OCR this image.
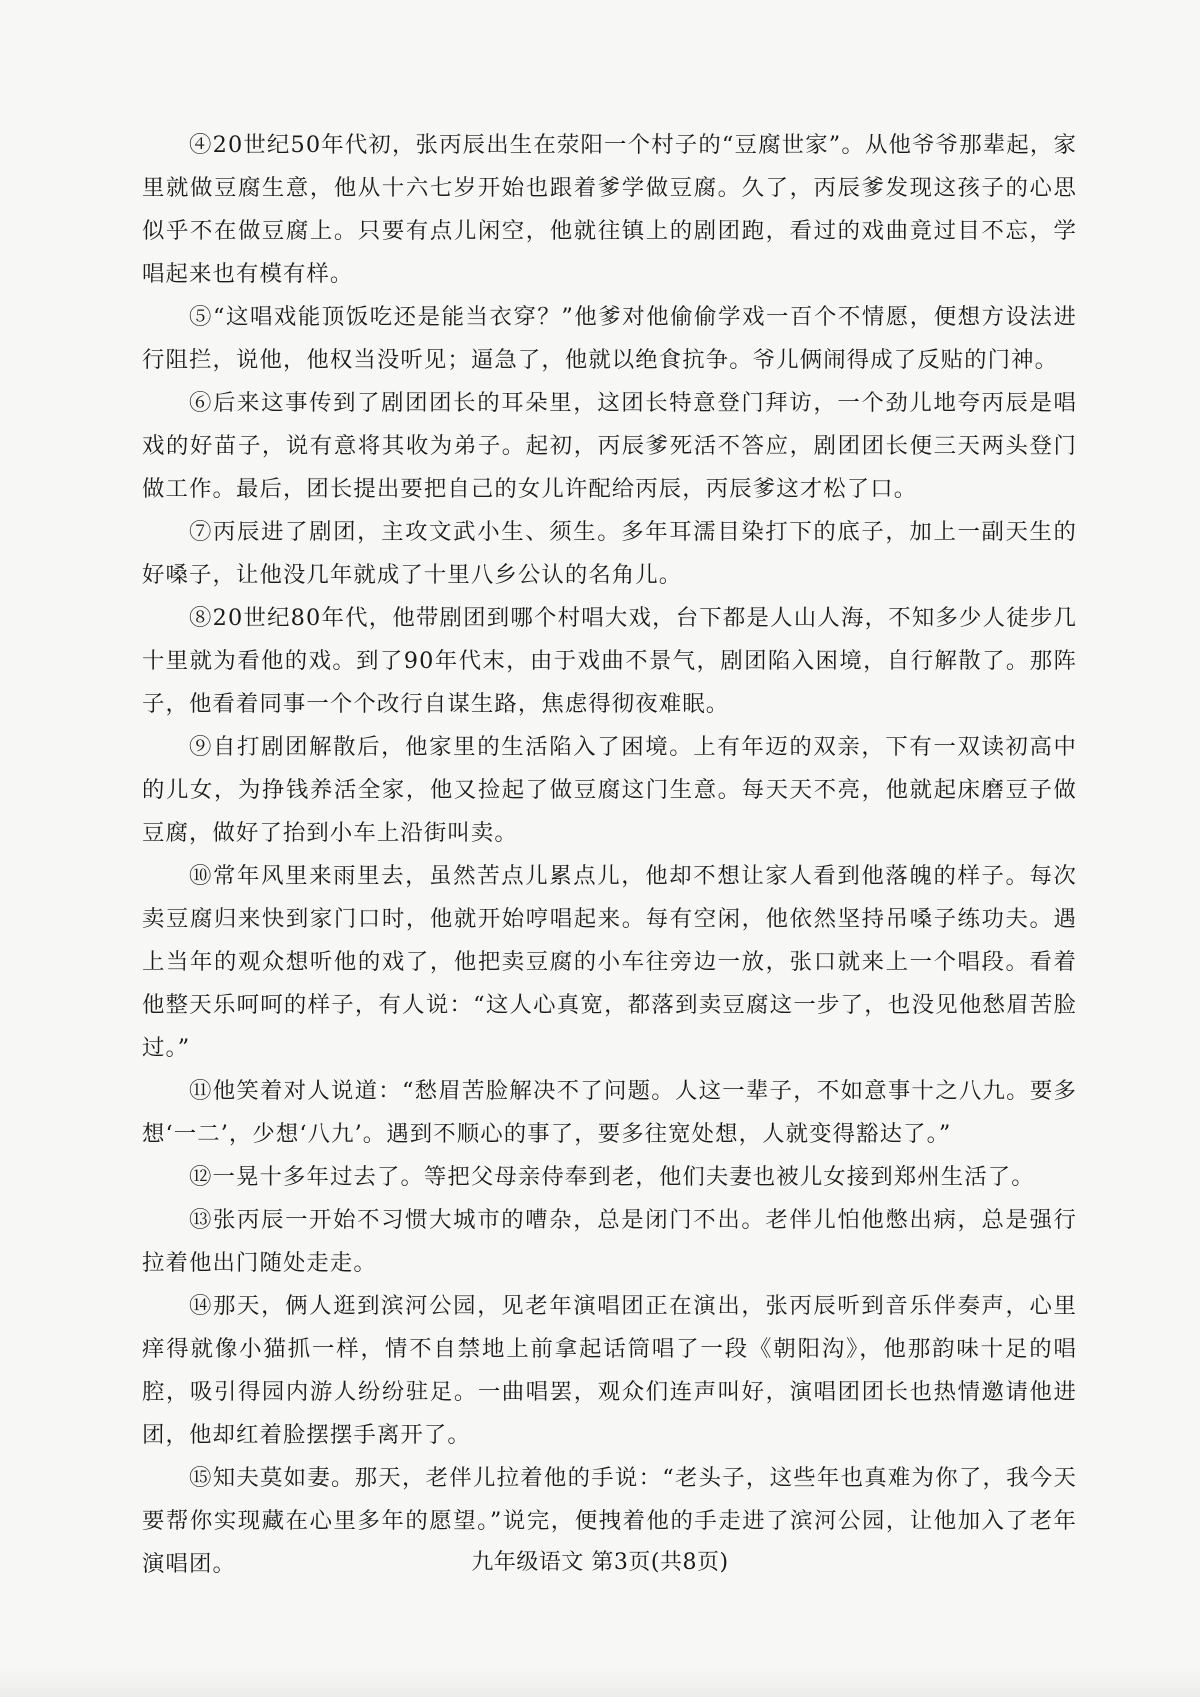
④20世纪50年代初，张丙辰出生在荥阳一个村子的“豆腐世家”。从他爷爷那辈起，家里就做豆腐生意，他从十六七岁开始也跟着爹学做豆腐。久了，丙辰爹发现这孩子的心思似乎不在做豆腐上。只要有点儿闲空，他就往镇上的剧团跑，看过的戏曲竟过目不忘，学唱起来也有模有样。

⑤“这唱戏能顶饭吃还是能当衣穿？”他爹对他偷偷学戏一百个不情愿，便想方设法进行阻拦，说他，他权当没听见；逼急了，他就以绝食抗争。爷儿俩闹得成了反贴的门神。

⑥后来这事传到了剧团团长的耳朵里，这团长特意登门拜访，一个劲儿地夸丙辰是唱戏的好苗子，说有意将其收为弟子。起初，丙辰爹死活不答应，剧团团长便三天两头登门做工作。最后，团长提出要把自己的女儿许配给丙辰，丙辰爹这才松了口。

⑦丙辰进了剧团，主攻文武小生、须生。多年耳濡目染打下的底子，加上一副天生的好嗓子，让他没几年就成了十里八乡公认的名角儿。

⑧20世纪80年代，他带剧团到哪个村唱大戏，台下都是人山人海，不知多少人徒步几十里就为看他的戏。到了90年代末，由于戏曲不景气，剧团陷入困境，自行解散了。那阵子，他看着同事一个个改行自谋生路，焦虑得彻夜难眠。

⑨自打剧团解散后，他家里的生活陷入了困境。上有年迈的双亲，下有一双读初高中的儿女，为挣钱养活全家，他又捡起了做豆腐这门生意。每天天不亮，他就起床磨豆子做豆腐，做好了抬到小车上沿街叫卖。

⑩常年风里来雨里去，虽然苦点儿累点儿，他却不想让家人看到他落魄的样子。每次卖豆腐归来快到家门口时，他就开始哼唱起来。每有空闲，他依然坚持吊嗓子练功夫。遇上当年的观众想听他的戏了，他把卖豆腐的小车往旁边一放，张口就来上一个唱段。看着他整天乐呵呵的样子，有人说：“这人心真宽，都落到卖豆腐这一步了，也没见他愁眉苦脸过。”

⑪他笑着对人说道：“愁眉苦脸解决不了问题。人这一辈子，不如意事十之八九。要多想‘一二’，少想‘八九’。遇到不顺心的事了，要多往宽处想，人就变得豁达了。”

⑫一晃十多年过去了。等把父母亲侍奉到老，他们夫妻也被儿女接到郑州生活了。

⑬张丙辰一开始不习惯大城市的嘈杂，总是闭门不出。老伴儿怕他憋出病，总是强行拉着他出门随处走走。

⑭那天，俩人逛到滨河公园，见老年演唱团正在演出，张丙辰听到音乐伴奏声，心里痒得就像小猫抓一样，情不自禁地上前拿起话筒唱了一段《朝阳沟》，他那韵味十足的唱腔，吸引得园内游人纷纷驻足。一曲唱罢，观众们连声叫好，演唱团团长也热情邀请他进团，他却红着脸摆摆手离开了。

⑮知夫莫如妻。那天，老伴儿拉着他的手说：“老头子，这些年也真难为你了，我今天要帮你实现藏在心里多年的愿望。”说完，便拽着他的手走进了滨河公园，让他加入了老年演唱团。	九年级语文 第3页(共8页)
